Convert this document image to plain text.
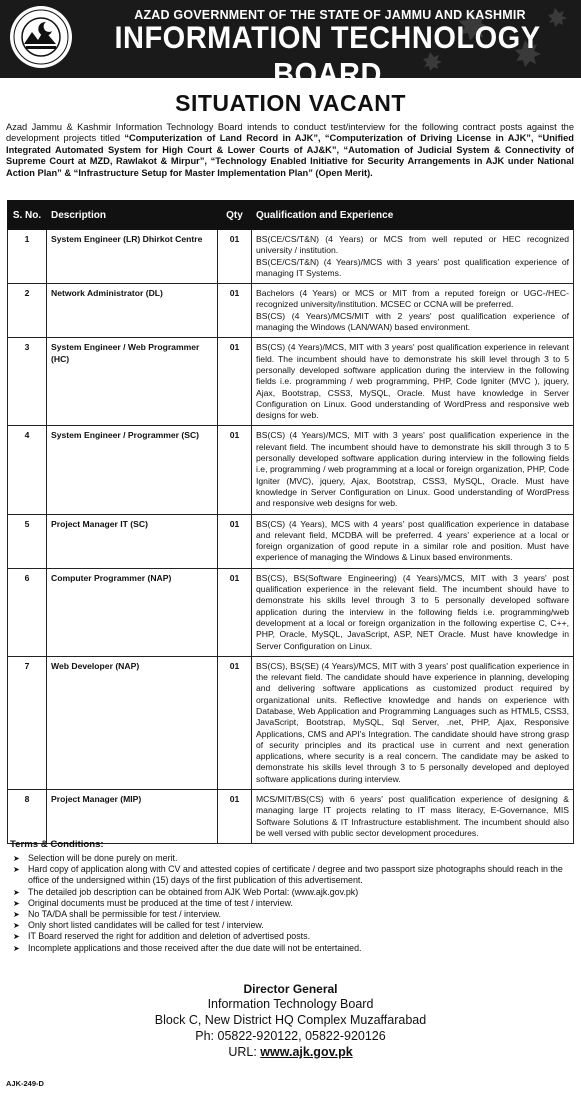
AZAD GOVERNMENT OF THE STATE OF JAMMU AND KASHMIR
INFORMATION TECHNOLOGY BOARD
SITUATION VACANT
Azad Jammu & Kashmir Information Technology Board intends to conduct test/interview for the following contract posts against the development projects titled “Computerization of Land Record in AJK”, “Computerization of Driving License in AJK”, “Unified Integrated Automated System for High Court & Lower Courts of AJ&K”, “Automation of Judicial System & Connectivity of Supreme Court at MZD, Rawlakot & Mirpur”, “Technology Enabled Initiative for Security Arrangements in AJK under National Action Plan” & “Infrastructure Setup for Master Implementation Plan” (Open Merit).
S. No.	Description	Qty	Qualification and Experience
1	System Engineer (LR) Dhirkot Centre	01	BS(CE/CS/T&N) (4 Years) or MCS from well reputed or HEC recognized university / institution.

BS(CE/CS/T&N) (4 Years)/MCS with 3 years' post qualification experience of managing IT Systems.

2	Network Administrator (DL)	01	Bachelors (4 Years) or MCS or MIT from a reputed foreign or UGC-/HEC-recognized university/institution. MCSEC or CCNA will be preferred.

BS(CS) (4 Years)/MCS/MIT with 2 years' post qualification experience of managing the Windows (LAN/WAN) based environment.

3	System Engineer / Web Programmer (HC)	01	BS(CS) (4 Years)/MCS, MIT with 3 years' post qualification experience in relevant field. The incumbent should have to demonstrate his skill level through 3 to 5 personally developed software application during the interview in the following fields i.e. programming / web programming, PHP, Code Igniter (MVC ), jquery, Ajax, Bootstrap, CSS3, MySQL, Oracle. Must have knowledge in Server Configuration on Linux. Good understanding of WordPress and responsive web designs for web.

4	System Engineer / Programmer (SC)	01	BS(CS) (4 Years)/MCS, MIT with 3 years' post qualification experience in the relevant field. The incumbent should have to demonstrate his skill through 3 to 5 personally developed software application during interview in the following fields i.e, programming / web programming at a local or foreign organization, PHP, Code Igniter (MVC), jquery, Ajax, Bootstrap, CSS3, MySQL, Oracle. Must have knowledge in Server Configuration on Linux. Good understanding of WordPress and responsive web designs for web.

5	Project Manager IT (SC)	01	BS(CS) (4 Years), MCS with 4 years' post qualification experience in database and relevant field, MCDBA will be preferred. 4 years' experience at a local or foreign organization of good repute in a similar role and position. Must have experience of managing the Windows & Linux based environments.

6	Computer Programmer (NAP)	01	BS(CS), BS(Software Engineering) (4 Years)/MCS, MIT with 3 years' post qualification experience in the relevant field. The incumbent should have to demonstrate his skills level through 3 to 5 personally developed software application during the interview in the following fields i.e. programming/web development at a local or foreign organization in the following expertise C, C++, PHP, Oracle, MySQL, JavaScript, ASP, NET Oracle. Must have knowledge in Server Configuration on Linux.

7	Web Developer (NAP)	01	BS(CS), BS(SE) (4 Years)/MCS, MIT with 3 years' post qualification experience in the relevant field. The candidate should have experience in planning, developing and delivering software applications as customized product required by organizational units. Reflective knowledge and hands on experience with Database, Web Application and Programming Languages such as HTML5, CSS3, JavaScript, Bootstrap, MySQL, Sql Server, .net, PHP, Ajax, Responsive Applications, CMS and API's Integration. The candidate should have strong grasp of security principles and its practical use in current and next generation applications, where security is a real concern. The candidate may be asked to demonstrate his skills level through 3 to 5 personally developed and deployed software applications during interview.

8	Project Manager (MIP)	01	MCS/MIT/BS(CS) with 6 years' post qualification experience of designing & managing large IT projects relating to IT mass literacy, E-Governance, MIS Software Solutions & IT Infrastructure establishment. The incumbent should also be well versed with public sector development procedures.

Terms & Conditions:
➤ Selection will be done purely on merit.
➤ Hard copy of application along with CV and attested copies of certificate / degree and two passport size photographs should reach in the office of the undersigned within (15) days of the first publication of this advertisement.
➤ The detailed job description can be obtained from AJK Web Portal: (www.ajk.gov.pk)
➤ Original documents must be produced at the time of test / interview.
➤ No TA/DA shall be permissible for test / interview.
➤ Only short listed candidates will be called for test / interview.
➤ IT Board reserved the right for addition and deletion of advertised posts.
➤ Incomplete applications and those received after the due date will not be entertained.
Director General
Information Technology Board
Block C, New District HQ Complex Muzaffarabad
Ph: 05822-920122, 05822-920126
URL: www.ajk.gov.pk
AJK-249-D
